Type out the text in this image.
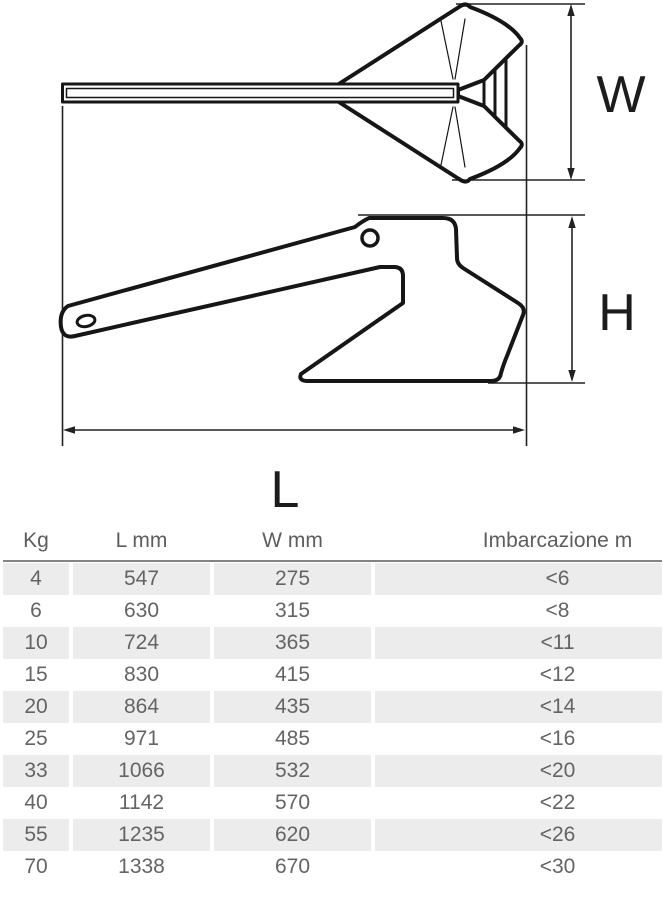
W
H
L
Kg	L mm	W mm	Imbarcazione m
4	547	275	<6
6	630	315	<8
10	724	365	<11
15	830	415	<12
20	864	435	<14
25	971	485	<16
33	1066	532	<20
40	1142	570	<22
55	1235	620	<26
70	1338	670	<30
